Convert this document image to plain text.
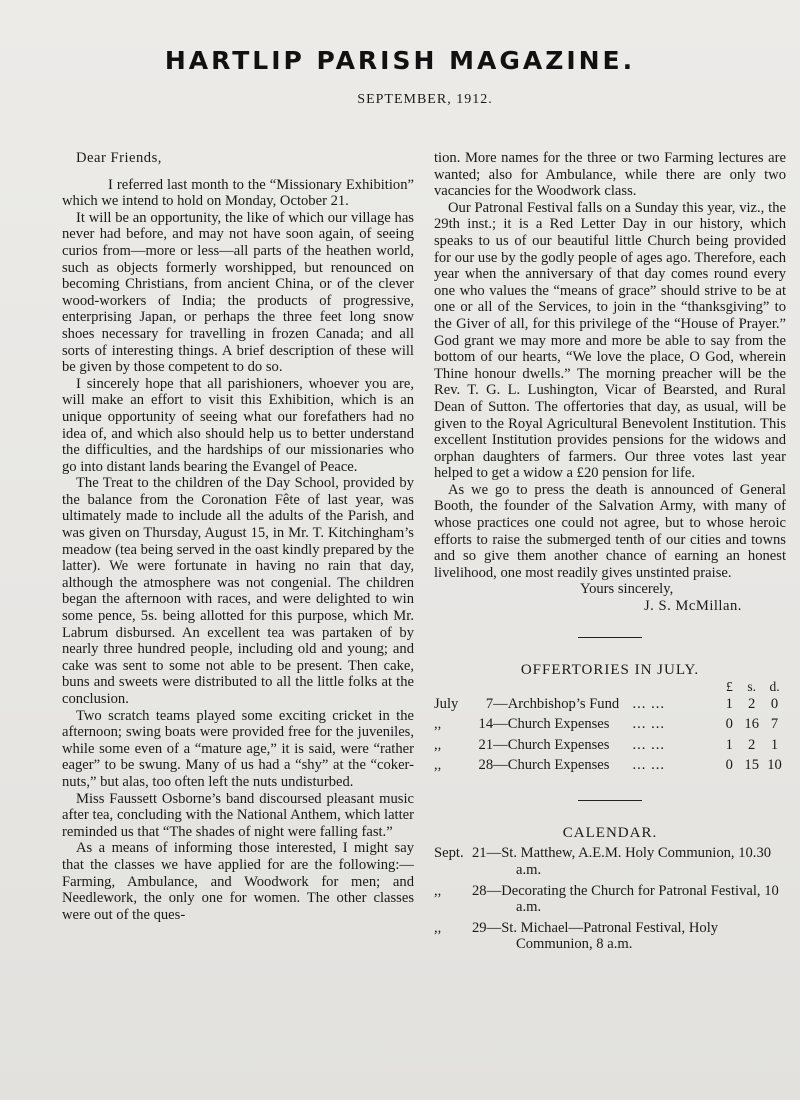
HARTLIP PARISH MAGAZINE.
SEPTEMBER, 1912.

Dear Friends,

I referred last month to the “Missionary Exhibition” which we intend to hold on Monday, October 21.

It will be an opportunity, the like of which our village has never had before, and may not have soon again, of seeing curios from—more or less—all parts of the heathen world, such as objects formerly worshipped, but renounced on becoming Christians, from ancient China, or of the clever wood-workers of India; the products of progressive, enterprising Japan, or perhaps the three feet long snow shoes necessary for travelling in frozen Canada; and all sorts of interesting things. A brief description of these will be given by those competent to do so.

I sincerely hope that all parishioners, whoever you are, will make an effort to visit this Exhibition, which is an unique opportunity of seeing what our forefathers had no idea of, and which also should help us to better understand the difficulties, and the hardships of our missionaries who go into distant lands bearing the Evangel of Peace.

The Treat to the children of the Day School, provided by the balance from the Coronation Fête of last year, was ultimately made to include all the adults of the Parish, and was given on Thursday, August 15, in Mr. T. Kitchingham’s meadow (tea being served in the oast kindly prepared by the latter). We were fortunate in having no rain that day, although the atmosphere was not congenial. The children began the afternoon with races, and were delighted to win some pence, 5s. being allotted for this purpose, which Mr. Labrum disbursed. An excellent tea was partaken of by nearly three hundred people, including old and young; and cake was sent to some not able to be present. Then cake, buns and sweets were distributed to all the little folks at the conclusion.

Two scratch teams played some exciting cricket in the afternoon; swing boats were provided free for the juveniles, while some even of a “mature age,” it is said, were “rather eager” to be swung. Many of us had a “shy” at the “coker-nuts,” but alas, too often left the nuts undisturbed.

Miss Faussett Osborne’s band discoursed pleasant music after tea, concluding with the National Anthem, which latter reminded us that “The shades of night were falling fast.”

As a means of informing those interested, I might say that the classes we have applied for are the following:—Farming, Ambulance, and Woodwork for men; and Needlework, the only one for women. The other classes were out of the ques-

tion. More names for the three or two Farming lectures are wanted; also for Ambulance, while there are only two vacancies for the Woodwork class.

Our Patronal Festival falls on a Sunday this year, viz., the 29th inst.; it is a Red Letter Day in our history, which speaks to us of our beautiful little Church being provided for our use by the godly people of ages ago. Therefore, each year when the anniversary of that day comes round every one who values the “means of grace” should strive to be at one or all of the Services, to join in the “thanksgiving” to the Giver of all, for this privilege of the “House of Prayer.” God grant we may more and more be able to say from the bottom of our hearts, “We love the place, O God, wherein Thine honour dwells.” The morning preacher will be the Rev. T. G. L. Lushington, Vicar of Bearsted, and Rural Dean of Sutton. The offertories that day, as usual, will be given to the Royal Agricultural Benevolent Institution. This excellent Institution provides pensions for the widows and orphan daughters of farmers. Our three votes last year helped to get a widow a £20 pension for life.

As we go to press the death is announced of General Booth, the founder of the Salvation Army, with many of whose practices one could not agree, but to whose heroic efforts to raise the submerged tenth of our cities and towns and so give them another chance of earning an honest livelihood, one most readily gives unstinted praise.

Yours sincerely,

J. S. McMillan.

OFFERTORIES IN JULY.
				£	s.	d.
July	7	—Archbishop’s Fund	... ...	1	2	0
,,	14	—Church Expenses	... ...	0	16	7
,,	21	—Church Expenses	... ...	1	2	1
,,	28	—Church Expenses	... ...	0	15	10
CALENDAR.
Sept.	21—St. Matthew, A.E.M. Holy Communion, 10.30 a.m.
,,	28—Decorating the Church for Patronal Festival, 10 a.m.
,,	29—St. Michael—Patronal Festival, Holy Communion, 8 a.m.
